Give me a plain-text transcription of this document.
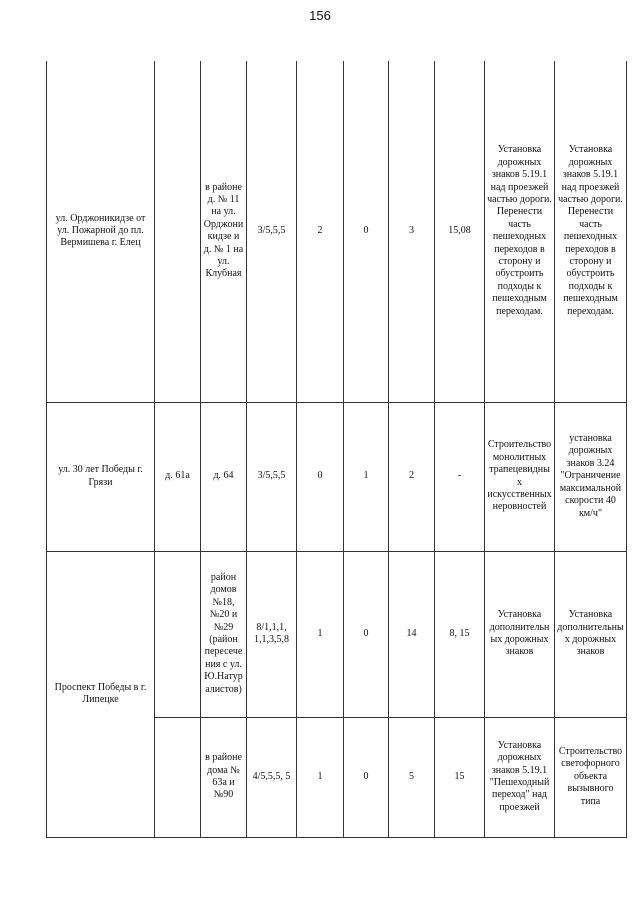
156
ул. Орджоникидзе от ул. Пожарной до пл. Вермишева г. Елец		в районе д. № 11 на ул. Орджоникидзе и д. № 1 на ул. Клубная	3/5,5,5	2	0	3	15,08	Установка дорожных знаков 5.19.1 над проезжей частью дороги. Перенести часть пешеходных переходов в сторону и обустроить подходы к пешеходным переходам.	Установка дорожных знаков 5.19.1 над проезжей частью дороги. Перенести часть пешеходных переходов в сторону и обустроить подходы к пешеходным переходам.
ул. 30 лет Победы г. Грязи	д. 61а	д. 64	3/5,5,5	0	1	2	-	Строительство монолитных трапецевидных искусственных неровностей	установка дорожных знаков 3.24 "Ограничение максимальной скорости 40 км/ч"
Проспект Победы в г. Липецке		район домов №18, №20 и №29 (район пересечения с ул. Ю.Натуралистов)	8/1,1,1, 1,1,3,5,8	1	0	14	8, 15	Установка дополнительных дорожных знаков	Установка дополнительных дорожных знаков
		в районе дома № 63а и №90	4/5,5,5, 5	1	0	5	15	Установка дорожных знаков 5.19.1 "Пешеходный переход" над проезжей	Строительство светофорного объекта вызывного типа
